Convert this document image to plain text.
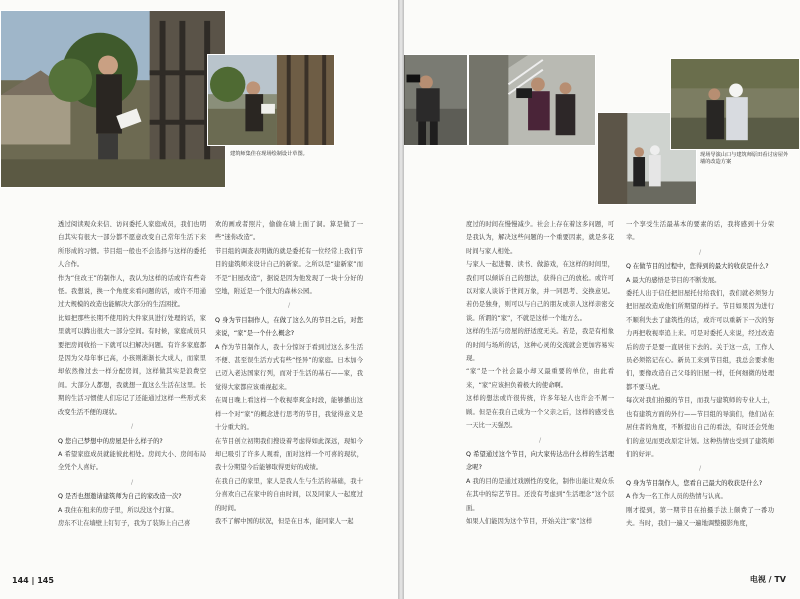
建筑师集佳在现场绘制设计草图。

透过阅读观众来信、访问委托人家庭成员，我们也明白其实有很大一部分都不愿意改变自己常年生活下来所形成的习惯。节目组一般也不会选择与这样的委托人合作。

作为“住改王”的制作人，我认为这样的话或许有些奇怪。我想说，换一个角度来看问题的话，或许不用通过大规模的改造也能解决大部分的生活困扰。

比如把那些长期不使用的大件家具进行处理的话，家里就可以腾出很大一部分空间。有时候，家庭成员只要把房间收拾一下就可以扫解决问题。有许多家庭都是因为父母年事已高，小孩则渐渐长大成人，而家里却依然像过去一样分配房间，这样做其实是浪费空间。大部分人都想，我就想一直这么生活在这里。长期的生活习惯使人们忘记了还能通过这样一些形式来改变生活不便的现状。

/

Q 您自己梦想中的房屋是什么样子的?

A 希望家庭成员就能彼此相处。房间大小、房间布局全凭个人喜好。

/

Q 是否也想邀请建筑师为自己的家改造一次?

A 我住在租来的房子里，所以没这个打算。

房东不让在墙壁上钉钉子，我为了装饰上自己喜

欢的画或者照片，偷偷在墙上面了洞。算是做了一些“迷你改造”。

节目组的调查表明做的就是委托有一位经常上我们节目的建筑师来设计自己的新家。之所以是“建新家”而不是“旧屋改造”，据说是因为他发现了一块十分好的空地，附近是一个很大的森林公园。

/

Q 身为节目制作人，在做了这么久的节目之后，对您来说，“家”是一个什么概念?

A 作为节目制作人，我十分惊讶于看到过这么多生活不便、甚至误生活方式有些“怪异”的家庭。日本加今已迈入老达国家行列，而对于生活的基石——家，我觉得大家都应该重视起来。

在周日晚上看这样一个收视率爽金时段，能够播出这样一个对“家”的概念进行思考的节目，我觉得意义是十分重大的。

在节目创立初期我们搜设着考虑得如此深远，现如今却已吸引了许多人观看，面对这样一个可喜的现状，我十分期望今后能够取得更好的成绩。

在我自己的家里，家人是我人生与生活的基础，我十分喜欢自己在家中的自由时间，以及同家人一起度过的时间。

我不了解中国的状况，但是在日本，能同家人一起

144 | 145
现场导演山口与建筑师原田看讨房屋外墙的改造方案

度过的时间在慢慢减少。社会上存在着这多问题，可是我认为，解决这些问题的一个重要因素，就是多花时间与家人相处。

与家人一起进餐、读书、做游戏，在这样的时间里，我们可以倾诉自己的想法，获得自己的放松。或许可以对家人谈诉于世间万象，并一同思考、交换意见。若仍是独身，则可以与自己的朋友或亲人这样亲密交谈。所谓的“家”，不就是这样一个地方么。

这样的生活与房屋的舒适度无关。若是，我是有相象的时间与场所的话，这种心灵的交流就会更加容易实现。

“家”是一个社会最小却又最重要的单位，由此看来，“家”应该担负着极大的使命啊。

这样的想法或许很传统，许多年轻人也许会不屑一顾。但是在我自己成为一个父亲之后，这样的感受也一天比一天强烈。

/

Q 希望通过这个节目，向大家传达出什么样的生活理念呢?

A 我的目的是通过戏剧性的变化，制作出能让观众乐在其中的综艺节目。还没有考虑到“生活理念”这个层面。

如果人们能因为这个节目，开始关注“家”这样

一个享受生活最基本的要素的话，我将感到十分荣幸。

/

Q 在做节目的过程中，您得到的最大的收获是什么?

A 最大的感悟是节目的不断发展。

委托人出于信任把旧屋托付给我们，我们就必须努力把旧屋改造成他们所期望的样子。节目如果因为进行不顺利失去了建筑性的话，或许可以重新下一次的努力再把收视率追上来。可是对委托人来说，经过改造后的房子是要一直居住下去的。关于这一点，工作人员必须铭记在心。新员工来到节目组，我总会要求他们，要像改造自己父母的旧屋一样，任何细微的处理都不要马虎。

每次对我们拍摄的节目，而我与建筑师的专业人士，也有建筑方面的外行——节目组的导演们，他们站在居住者的角度，不断提出自己的看法，有时还会凭他们的意见而更改原定计划。这种热情也受到了建筑师们的好评。

/

Q 身为节目制作人，您看自己最大的收获是什么?

A 作为一名工作人员的热情与认真。

刚才提到，第一期节目在拍摄手法上颇费了一番功夫。当时，我们一遍又一遍地调整摄影角度，

电视 / TV
